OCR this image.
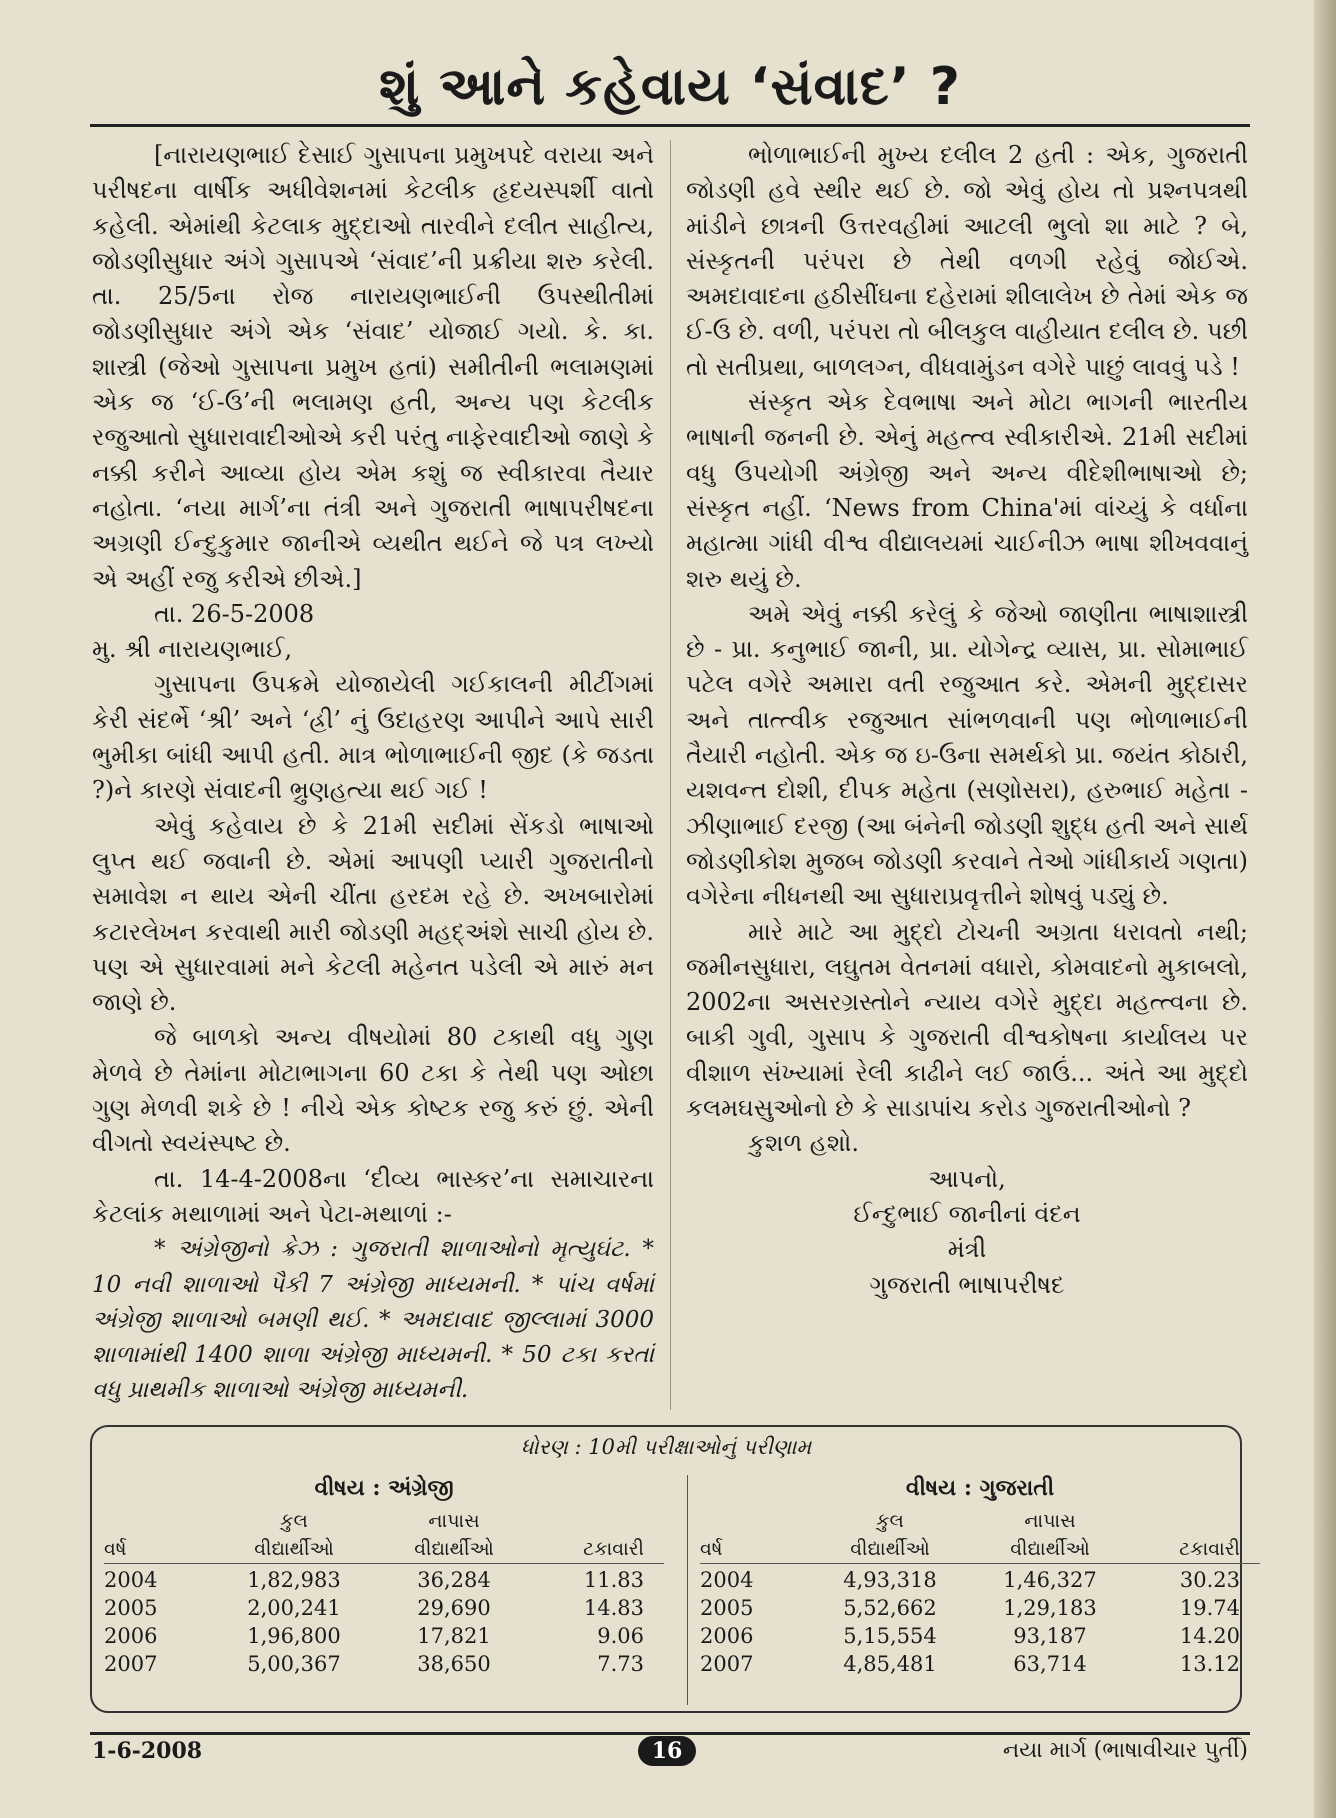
શું આને કહેવાય ‘સંવાદ’ ?

[નારાયણભાઈ દેસાઈ ગુસાપના પ્રમુખપદે વરાયા અને પરીષદના વાર્ષીક અધીવેશનમાં કેટલીક હૃદયસ્પર્શી વાતો કહેલી. એમાંથી કેટલાક મુદ્દાઓ તારવીને દલીત સાહીત્ય, જોડણીસુધાર અંગે ગુસાપએ ‘સંવાદ’ની પ્રક્રીયા શરુ કરેલી. તા. 25/5ના રોજ નારાયણભાઈની ઉપસ્થીતીમાં જોડણીસુધાર અંગે એક ‘સંવાદ’ યોજાઈ ગયો. કે. કા. શાસ્ત્રી (જેઓ ગુસાપના પ્રમુખ હતાં) સમીતીની ભલામણમાં એક જ ‘ઈ-ઉ’ની ભલામણ હતી, અન્ય પણ કેટલીક રજુઆતો સુધારાવાદીઓએ કરી પરંતુ નાફેરવાદીઓ જાણે કે નક્કી કરીને આવ્યા હોય એમ કશું જ સ્વીકારવા તૈયાર નહોતા. ‘નયા માર્ગ’ના તંત્રી અને ગુજરાતી ભાષાપરીષદના અગ્રણી ઈન્દુકુમાર જાનીએ વ્યથીત થઈને જે પત્ર લખ્યો એ અહીં રજુ કરીએ છીએ.]

તા. 26-5-2008

મુ. શ્રી નારાયણભાઈ,

ગુસાપના ઉપક્રમે યોજાયેલી ગઈકાલની મીટીંગમાં કેરી સંદર્ભે ‘શ્રી’ અને ‘હ્રી’ નું ઉદાહરણ આપીને આપે સારી ભુમીકા બાંધી આપી હતી. માત્ર ભોળાભાઈની જીદ (કે જડતા ?)ને કારણે સંવાદની ભ્રુણહત્યા થઈ ગઈ !

એવું કહેવાય છે કે 21મી સદીમાં સેંકડો ભાષાઓ લુપ્ત થઈ જવાની છે. એમાં આપણી પ્યારી ગુજરાતીનો સમાવેશ ન થાય એની ચીંતા હરદમ રહે છે. અખબારોમાં કટારલેખન કરવાથી મારી જોડણી મહદ્અંશે સાચી હોય છે. પણ એ સુધારવામાં મને કેટલી મહેનત પડેલી એ મારું મન જાણે છે.

જે બાળકો અન્ય વીષયોમાં 80 ટકાથી વધુ ગુણ મેળવે છે તેમાંના મોટાભાગના 60 ટકા કે તેથી પણ ઓછા ગુણ મેળવી શકે છે ! નીચે એક કોષ્ટક રજુ કરું છું. એની વીગતો સ્વયંસ્પષ્ટ છે.

તા. 14-4-2008ના ‘દીવ્ય ભાસ્કર’ના સમાચારના કેટલાંક મથાળામાં અને પેટા-મથાળાં :-

* અંગ્રેજીનો ક્રેઝ : ગુજરાતી શાળાઓનો મૃત્યુઘંટ. * 10 નવી શાળાઓ પૈકી 7 અંગ્રેજી માધ્યમની. * પાંચ વર્ષમાં અંગ્રેજી શાળાઓ બમણી થઈ. * અમદાવાદ જીલ્લામાં 3000 શાળામાંથી 1400 શાળા અંગ્રેજી માધ્યમની. * 50 ટકા કરતાં વધુ પ્રાથમીક શાળાઓ અંગ્રેજી માધ્યમની.

ભોળાભાઈની મુખ્ય દલીલ 2 હતી : એક, ગુજરાતી જોડણી હવે સ્થીર થઈ છે. જો એવું હોય તો પ્રશ્નપત્રથી માંડીને છાત્રની ઉત્તરવહીમાં આટલી ભુલો શા માટે ? બે, સંસ્કૃતની પરંપરા છે તેથી વળગી રહેવું જોઈએ. અમદાવાદના હઠીસીંઘના દહેરામાં શીલાલેખ છે તેમાં એક જ ઈ-ઉ છે. વળી, પરંપરા તો બીલકુલ વાહીયાત દલીલ છે. પછી તો સતીપ્રથા, બાળલગ્ન, વીધવામુંડન વગેરે પાછું લાવવું પડે !

સંસ્કૃત એક દેવભાષા અને મોટા ભાગની ભારતીય ભાષાની જનની છે. એનું મહત્ત્વ સ્વીકારીએ. 21મી સદીમાં વધુ ઉપયોગી અંગ્રેજી અને અન્ય વીદેશીભાષાઓ છે; સંસ્કૃત નહીં. ‘News from China'માં વાંચ્યું કે વર્ધાના મહાત્મા ગાંધી વીશ્વ વીદ્યાલયમાં ચાઈનીઝ ભાષા શીખવવાનું શરુ થયું છે.

અમે એવું નક્કી કરેલું કે જેઓ જાણીતા ભાષાશાસ્ત્રી છે - પ્રા. કનુભાઈ જાની, પ્રા. યોગેન્દ્ર વ્યાસ, પ્રા. સોમાભાઈ પટેલ વગેરે અમારા વતી રજુઆત કરે. એમની મુદ્દાસર અને તાત્ત્વીક રજુઆત સાંભળવાની પણ ભોળાભાઈની તૈયારી નહોતી. એક જ ઇ-ઉના સમર્થકો પ્રા. જયંત કોઠારી, યશવન્ત દોશી, દીપક મહેતા (સણોસરા), હરુભાઈ મહેતા - ઝીણાભાઈ દરજી (આ બંનેની જોડણી શુદ્ધ હતી અને સાર્થ જોડણીકોશ મુજબ જોડણી કરવાને તેઓ ગાંધીકાર્ય ગણતા) વગેરેના નીધનથી આ સુધારાપ્રવૃત્તીને શોષવું પડ્યું છે.

મારે માટે આ મુદ્દો ટોચની અગ્રતા ધરાવતો નથી; જમીનસુધારા, લઘુતમ વેતનમાં વધારો, કોમવાદનો મુકાબલો, 2002ના અસરગ્રસ્તોને ન્યાય વગેરે મુદ્દા મહત્ત્વના છે. બાકી ગુવી, ગુસાપ કે ગુજરાતી વીશ્વકોષના કાર્યાલય પર વીશાળ સંખ્યામાં રેલી કાઢીને લઈ જાઉં... અંતે આ મુદ્દો કલમઘસુઓનો છે કે સાડાપાંચ કરોડ ગુજરાતીઓનો ?

કુશળ હશો.

આપનો,

ઈન્દુભાઈ જાનીનાં વંદન

મંત્રી

ગુજરાતી ભાષાપરીષદ

ધોરણ : 10મી પરીક્ષાઓનું પરીણામ
વીષય : અંગ્રેજી
કુલ	નાપાસ
વર્ષ	વીદ્યાર્થીઓ	વીદ્યાર્થીઓ	ટકાવારી
2004	1,82,983	36,284	11.83
2005	2,00,241	29,690	14.83
2006	1,96,800	17,821	9.06
2007	5,00,367	38,650	7.73
વીષય : ગુજરાતી
કુલ	નાપાસ
વર્ષ	વીદ્યાર્થીઓ	વીદ્યાર્થીઓ	ટકાવારી
2004	4,93,318	1,46,327	30.23
2005	5,52,662	1,29,183	19.74
2006	5,15,554	93,187	14.20
2007	4,85,481	63,714	13.12
1-6-2008	16	નયા માર્ગ (ભાષાવીચાર પુર્તી)
